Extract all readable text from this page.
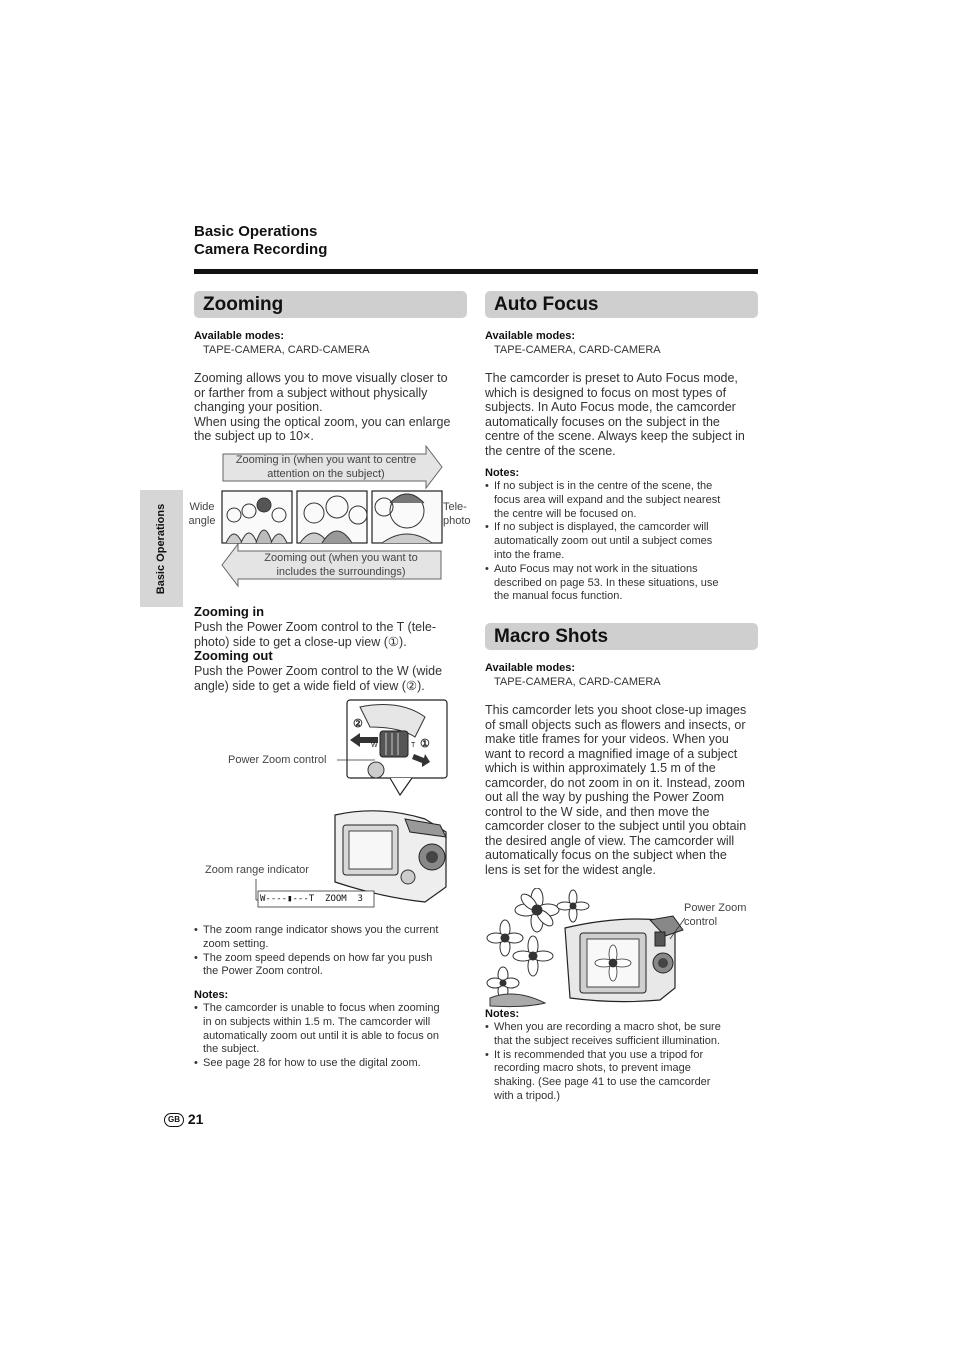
Basic Operations
Camera Recording
Basic Operations
Zooming
Available modes:
TAPE-CAMERA, CARD-CAMERA
Zooming allows you to move visually closer to
or farther from a subject without physically
changing your position.
When using the optical zoom, you can enlarge
the subject up to 10×.
Zooming in (when you want to centre
attention on the subject)
Zooming out (when you want to
includes the surroundings)
Wide
angle
Tele-
photo
Zooming in
Push the Power Zoom control to the T (tele-
photo) side to get a close-up view (①).
Zooming out
Push the Power Zoom control to the W (wide
angle) side to get a wide field of view (②).
②
①
W	T
Power Zoom control
Zoom range indicator
W----▮---T  ZOOM  3
• The zoom range indicator shows you the current
zoom setting.
• The zoom speed depends on how far you push
the Power Zoom control.
Notes:
• The camcorder is unable to focus when zooming
in on subjects within 1.5 m. The camcorder will
automatically zoom out until it is able to focus on
the subject.
• See page 28 for how to use the digital zoom.
Auto Focus
Available modes:
TAPE-CAMERA, CARD-CAMERA
The camcorder is preset to Auto Focus mode,
which is designed to focus on most types of
subjects. In Auto Focus mode, the camcorder
automatically focuses on the subject in the
centre of the scene. Always keep the subject in
the centre of the scene.
Notes:
• If no subject is in the centre of the scene, the
focus area will expand and the subject nearest
the centre will be focused on.
• If no subject is displayed, the camcorder will
automatically zoom out until a subject comes
into the frame.
• Auto Focus may not work in the situations
described on page 53. In these situations, use
the manual focus function.
Macro Shots
Available modes:
TAPE-CAMERA, CARD-CAMERA
This camcorder lets you shoot close-up images
of small objects such as flowers and insects, or
make title frames for your videos. When you
want to record a magnified image of a subject
which is within approximately 1.5 m of the
camcorder, do not zoom in on it. Instead, zoom
out all the way by pushing the Power Zoom
control to the W side, and then move the
camcorder closer to the subject until you obtain
the desired angle of view. The camcorder will
automatically focus on the subject when the
lens is set for the widest angle.
Power Zoom
control
Notes:
• When you are recording a macro shot, be sure
that the subject receives sufficient illumination.
• It is recommended that you use a tripod for
recording macro shots, to prevent image
shaking. (See page 41 to use the camcorder
with a tripod.)
GB 21
